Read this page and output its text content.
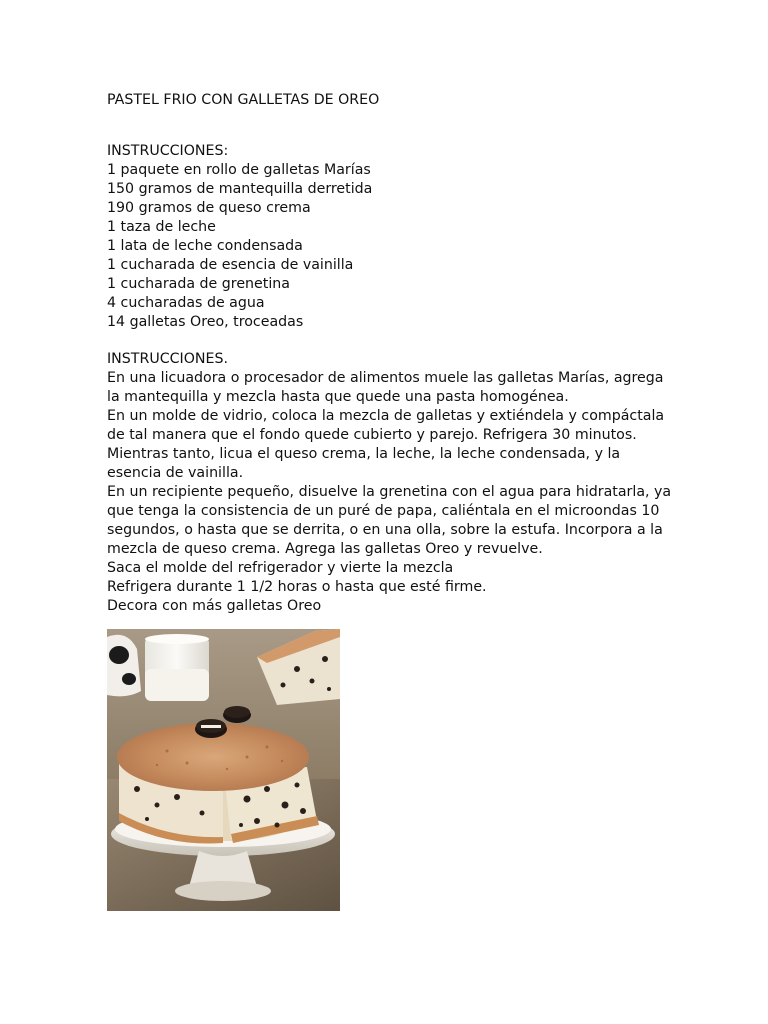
PASTEL FRIO CON GALLETAS DE OREO
INSTRUCCIONES:
1 paquete en rollo de galletas Marías
150 gramos de mantequilla derretida
190 gramos de queso crema
1 taza de leche
1 lata de leche condensada
1 cucharada de esencia de vainilla
1 cucharada de grenetina
4 cucharadas de agua
14 galletas Oreo, troceadas
INSTRUCCIONES.
En una licuadora o procesador de alimentos muele las galletas Marías, agrega
la mantequilla y mezcla hasta que quede una pasta homogénea.
En un molde de vidrio, coloca la mezcla de galletas y extiéndela y compáctala
de tal manera que el fondo quede cubierto y parejo. Refrigera 30 minutos.
Mientras tanto, licua el queso crema, la leche, la leche condensada, y la
esencia de vainilla.
En un recipiente pequeño, disuelve la grenetina con el agua para hidratarla, ya
que tenga la consistencia de un puré de papa, caliéntala en el microondas 10
segundos, o hasta que se derrita, o en una olla, sobre la estufa. Incorpora a la
mezcla de queso crema. Agrega las galletas Oreo y revuelve.
Saca el molde del refrigerador y vierte la mezcla
Refrigera durante 1 1/2 horas o hasta que esté firme.
Decora con más galletas Oreo
